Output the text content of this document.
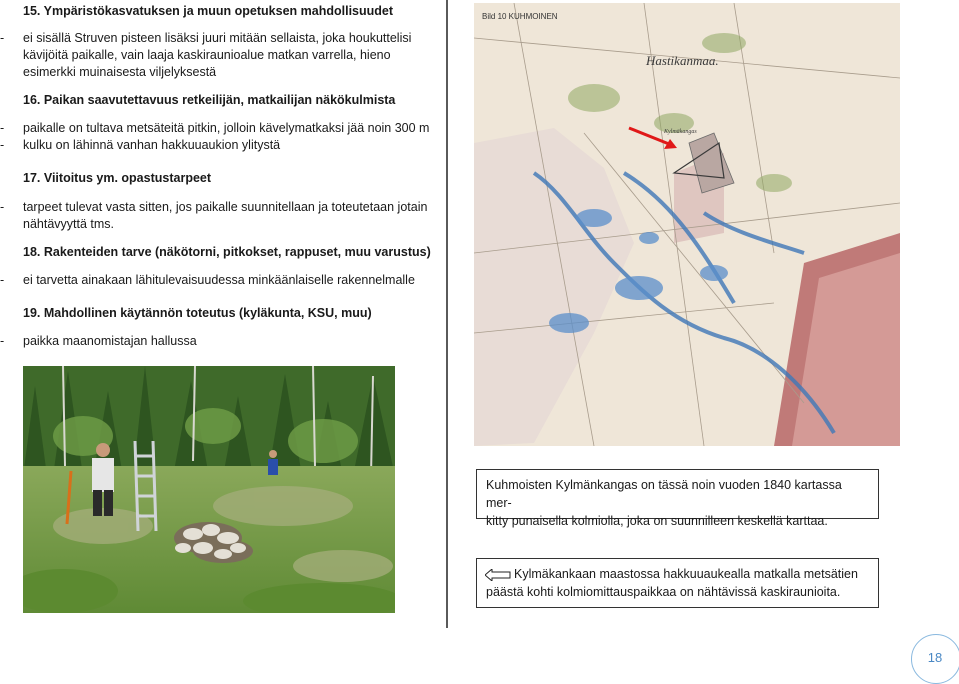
15. Ympäristökasvatuksen ja muun opetuksen mahdollisuudet
- ei sisällä Struven pisteen lisäksi juuri mitään sellaista, joka houkuttelisi
kävijöitä paikalle, vain laaja kaskiraunioalue matkan varrella, hieno
esimerkki muinaisesta viljelyksestä
16. Paikan saavutettavuus retkeilijän, matkailijan näkökulmista
- paikalle on tultava metsäteitä pitkin, jolloin kävelymatkaksi jää noin 300 m
- kulku on lähinnä vanhan hakkuuaukion ylitystä
17. Viitoitus ym. opastustarpeet
- tarpeet tulevat vasta sitten, jos paikalle suunnitellaan ja toteutetaan jotain
nähtävyyttä tms.
18. Rakenteiden tarve (näkötorni, pitkokset, rappuset, muu varustus)
- ei tarvetta ainakaan lähitulevaisuudessa minkäänlaiselle rakennelmalle
19. Mahdollinen käytännön toteutus (kyläkunta, KSU, muu)
- paikka maanomistajan hallussa
Bild 10 KUHMOINEN
Hastikanmaa.
Kylmäkangas
Kuhmoisten Kylmänkangas on tässä noin vuoden 1840 kartassa mer-
kitty punaisella kolmiolla, joka on suunnilleen keskellä karttaa.
Kylmäkankaan maastossa hakkuuaukealla matkalla metsätien
päästä kohti kolmiomittauspaikkaa on nähtävissä kaskiraunioita.
18
